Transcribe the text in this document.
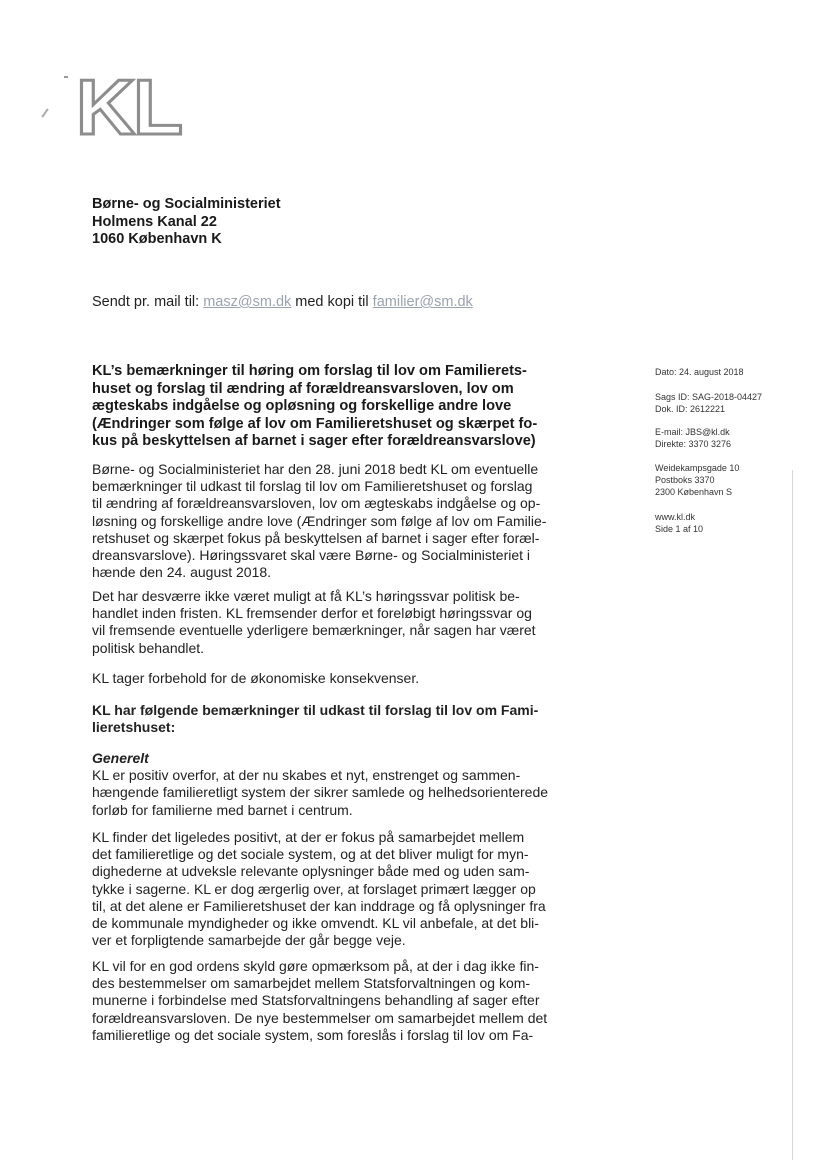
KL
Børne- og Socialministeriet
Holmens Kanal 22
1060 København K
Sendt pr. mail til: masz@sm.dk med kopi til familier@sm.dk
KL’s bemærkninger til høring om forslag til lov om Familierets-
huset og forslag til ændring af forældreansvarsloven, lov om
ægteskabs indgåelse og opløsning og forskellige andre love
(Ændringer som følge af lov om Familieretshuset og skærpet fo-
kus på beskyttelsen af barnet i sager efter forældreansvarslove)
Børne- og Socialministeriet har den 28. juni 2018 bedt KL om eventuelle
bemærkninger til udkast til forslag til lov om Familieretshuset og forslag
til ændring af forældreansvarsloven, lov om ægteskabs indgåelse og op-
løsning og forskellige andre love (Ændringer som følge af lov om Familie-
retshuset og skærpet fokus på beskyttelsen af barnet i sager efter foræl-
dreansvarslove). Høringssvaret skal være Børne- og Socialministeriet i
hænde den 24. august 2018.
Det har desværre ikke været muligt at få KL’s høringssvar politisk be-
handlet inden fristen. KL fremsender derfor et foreløbigt høringssvar og
vil fremsende eventuelle yderligere bemærkninger, når sagen har været
politisk behandlet.
KL tager forbehold for de økonomiske konsekvenser.
KL har følgende bemærkninger til udkast til forslag til lov om Fami-
lieretshuset:
Generelt
KL er positiv overfor, at der nu skabes et nyt, enstrenget og sammen-
hængende familieretligt system der sikrer samlede og helhedsorienterede
forløb for familierne med barnet i centrum.
KL finder det ligeledes positivt, at der er fokus på samarbejdet mellem
det familieretlige og det sociale system, og at det bliver muligt for myn-
dighederne at udveksle relevante oplysninger både med og uden sam-
tykke i sagerne. KL er dog ærgerlig over, at forslaget primært lægger op
til, at det alene er Familieretshuset der kan inddrage og få oplysninger fra
de kommunale myndigheder og ikke omvendt. KL vil anbefale, at det bli-
ver et forpligtende samarbejde der går begge veje.
KL vil for en god ordens skyld gøre opmærksom på, at der i dag ikke fin-
des bestemmelser om samarbejdet mellem Statsforvaltningen og kom-
munerne i forbindelse med Statsforvaltningens behandling af sager efter
forældreansvarsloven. De nye bestemmelser om samarbejdet mellem det
familieretlige og det sociale system, som foreslås i forslag til lov om Fa-
Dato: 24. august 2018
Sags ID: SAG-2018-04427
Dok. ID: 2612221
E-mail: JBS@kl.dk
Direkte: 3370 3276
Weidekampsgade 10
Postboks 3370
2300 København S
www.kl.dk
Side 1 af 10
